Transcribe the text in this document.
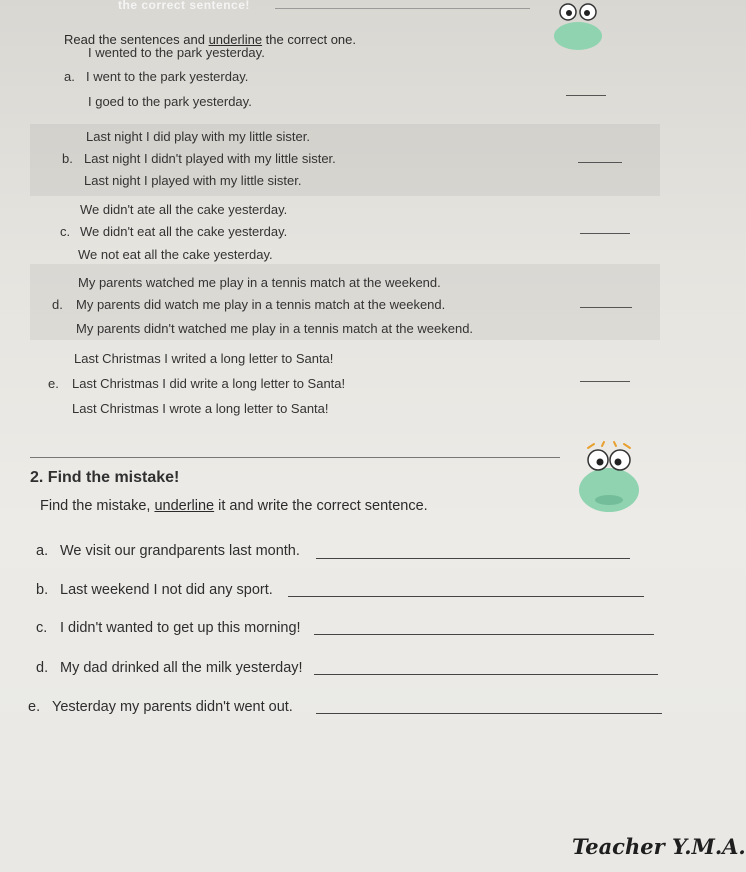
the correct sentence!
Read the sentences and underline the correct one.
I wented to the park yesterday.
a. I went to the park yesterday.
I goed to the park yesterday.
Last night I did play with my little sister.
b. Last night I didn't played with my little sister.
Last night I played with my little sister.
We didn't ate all the cake yesterday.
c. We didn't eat all the cake yesterday.
We not eat all the cake yesterday.
My parents watched me play in a tennis match at the weekend.
d. My parents did watch me play in a tennis match at the weekend.
My parents didn't watched me play in a tennis match at the weekend.
Last Christmas I writed a long letter to Santa!
e. Last Christmas I did write a long letter to Santa!
Last Christmas I wrote a long letter to Santa!
2. Find the mistake!
Find the mistake, underline it and write the correct sentence.
a. We visit our grandparents last month.
b. Last weekend I not did any sport.
c. I didn't wanted to get up this morning!
d. My dad drinked all the milk yesterday!
e. Yesterday my parents didn't went out.
Teacher Y.M.A.
